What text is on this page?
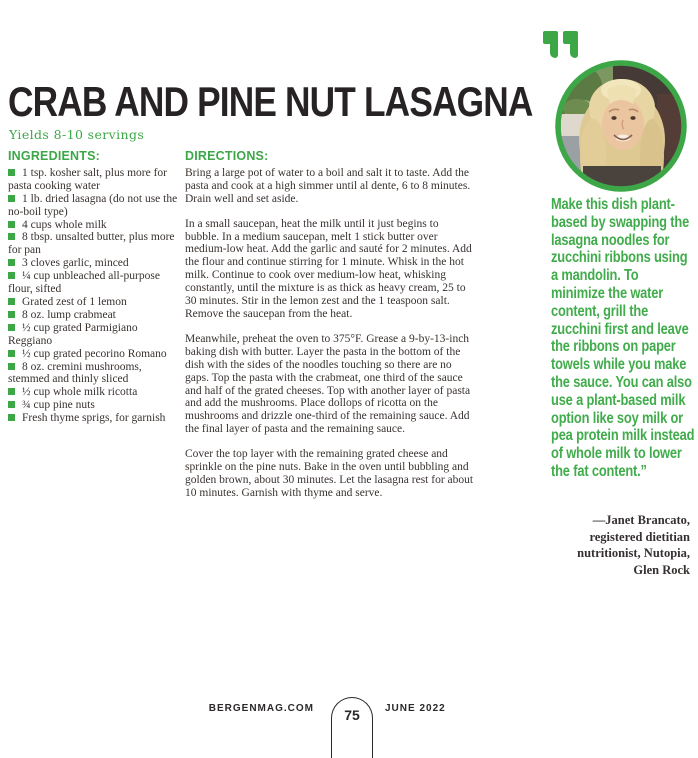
CRAB AND PINE NUT LASAGNA
Yields 8-10 servings
INGREDIENTS:
1 tsp. kosher salt, plus more for pasta cooking water
1 lb. dried lasagna (do not use the no-boil type)
4 cups whole milk
8 tbsp. unsalted butter, plus more for pan
3 cloves garlic, minced
¼ cup unbleached all-purpose flour, sifted
Grated zest of 1 lemon
8 oz. lump crabmeat
½ cup grated Parmigiano Reggiano
½ cup grated pecorino Romano
8 oz. cremini mushrooms, stemmed and thinly sliced
½ cup whole milk ricotta
¾ cup pine nuts
Fresh thyme sprigs, for garnish
DIRECTIONS:

Bring a large pot of water to a boil and salt it to taste. Add the pasta and cook at a high simmer until al dente, 6 to 8 minutes. Drain well and set aside.

In a small saucepan, heat the milk until it just begins to bubble. In a medium saucepan, melt 1 stick butter over medium-low heat. Add the garlic and sauté for 2 minutes. Add the flour and continue stirring for 1 minute. Whisk in the hot milk. Continue to cook over medium-low heat, whisking constantly, until the mixture is as thick as heavy cream, 25 to 30 minutes. Stir in the lemon zest and the 1 teaspoon salt. Remove the saucepan from the heat.

Meanwhile, preheat the oven to 375°F. Grease a 9-by-13-inch baking dish with butter. Layer the pasta in the bottom of the dish with the sides of the noodles touching so there are no gaps. Top the pasta with the crabmeat, one third of the sauce and half of the grated cheeses. Top with another layer of pasta and add the mushrooms. Place dollops of ricotta on the mushrooms and drizzle one-third of the remaining sauce. Add the final layer of pasta and the remaining sauce.

Cover the top layer with the remaining grated cheese and sprinkle on the pine nuts. Bake in the oven until bubbling and golden brown, about 30 minutes. Let the lasagna rest for about 10 minutes. Garnish with thyme and serve.

Make this dish plant-based by swapping the lasagna noodles for zucchini ribbons using a mandolin. To minimize the water content, grill the zucchini first and leave the ribbons on paper towels while you make the sauce. You can also use a plant-based milk option like soy milk or pea protein milk instead of whole milk to lower the fat content.”
—Janet Brancato,
registered dietitian
nutritionist, Nutopia,
Glen Rock
BERGENMAG.COM	75	JUNE 2022
